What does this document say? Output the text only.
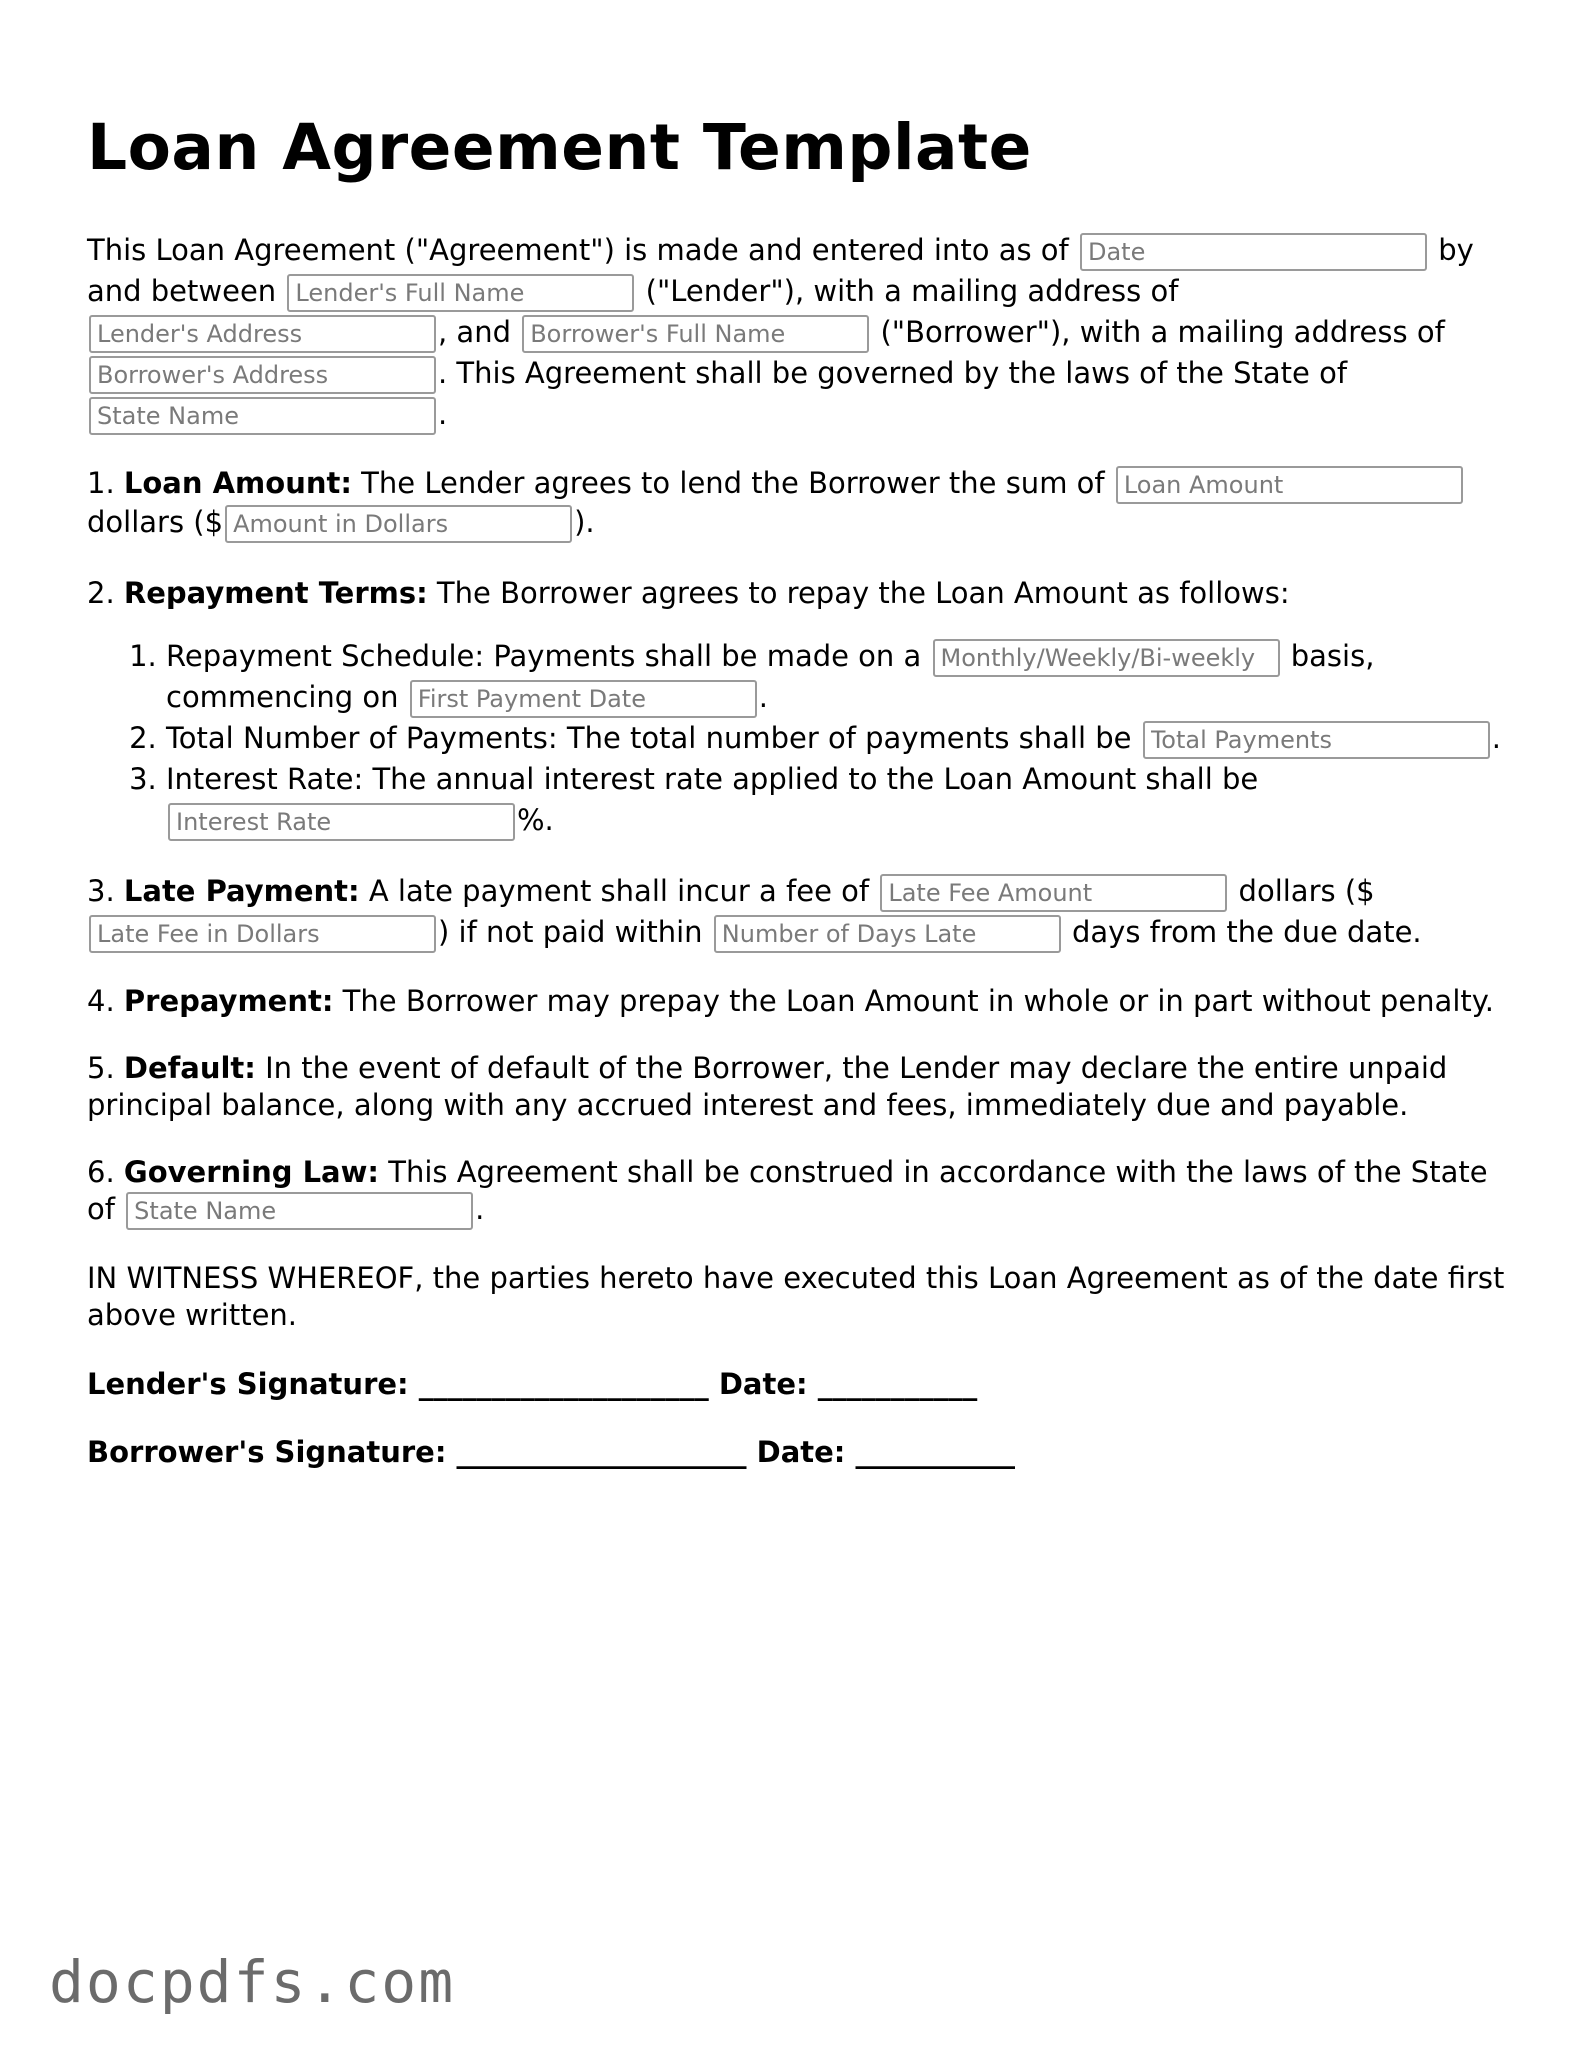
Loan Agreement Template

This Loan Agreement ("Agreement") is made and entered into as of Date	by and between Lender's Full Name	("Lender"), with a mailing address of Lender's Address, and Borrower's Full Name	("Borrower"), with a mailing address of Borrower's Address. This Agreement shall be governed by the laws of the State of State Name.

1. Loan Amount: The Lender agrees to lend the Borrower the sum of Loan Amount dollars ($Amount in Dollars	).

2. Repayment Terms: The Borrower agrees to repay the Loan Amount as follows:

1. Repayment Schedule: Payments shall be made on a Monthly/Weekly/Bi-weekly	basis, commencing on First Payment Date	.
2. Total Number of Payments: The total number of payments shall be Total Payments	.
3. Interest Rate: The annual interest rate applied to the Loan Amount shall be Interest Rate%.

3. Late Payment: A late payment shall incur a fee of Late Fee Amount	dollars ($ Late Fee in Dollars) if not paid within Number of Days Late	days from the due date.

4. Prepayment: The Borrower may prepay the Loan Amount in whole or in part without penalty.

5. Default: In the event of default of the Borrower, the Lender may declare the entire unpaid principal balance, along with any accrued interest and fees, immediately due and payable.

6. Governing Law: This Agreement shall be construed in accordance with the laws of the State of State Name	.

IN WITNESS WHEREOF, the parties hereto have executed this Loan Agreement as of the date first above written.

Lender's Signature: ____________________ Date: ___________
Borrower's Signature: ____________________ Date: ___________
docpdfs.com
